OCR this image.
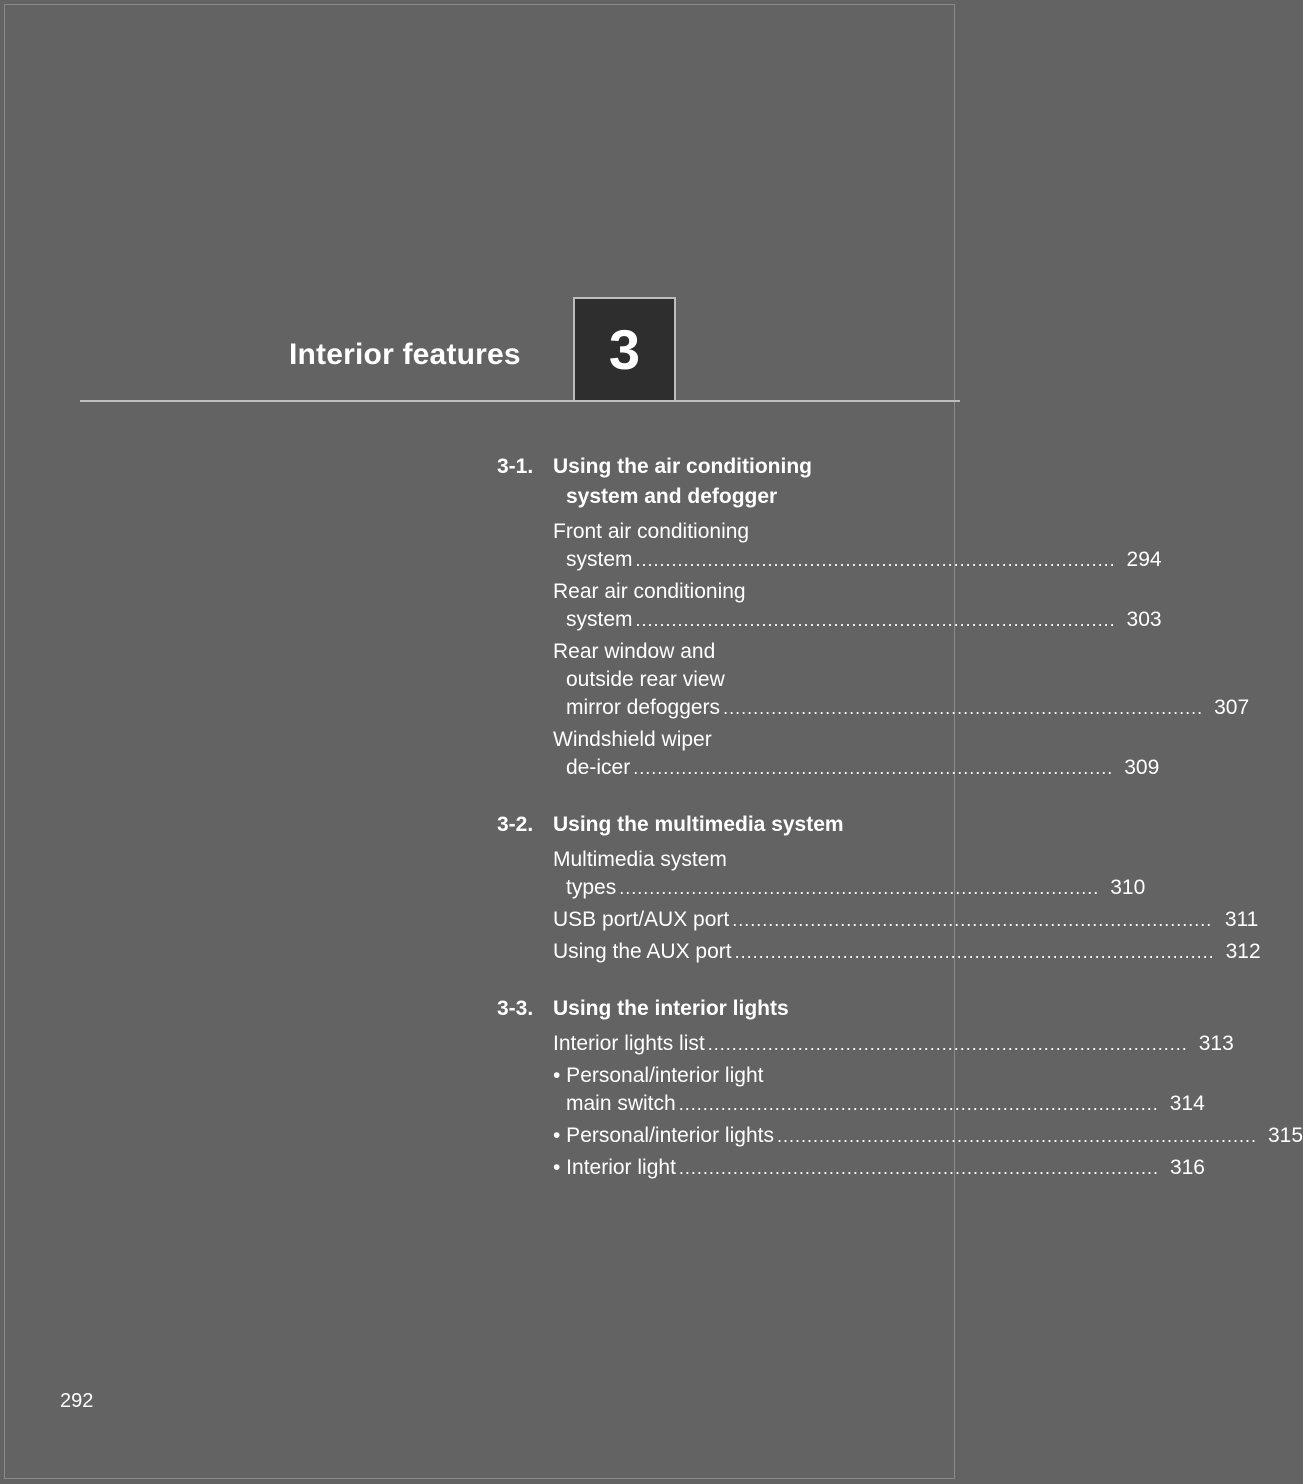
Interior features 3
3-1. Using the air conditioning
system and defogger
Front air conditioning
system ................................................................................ 294
Rear air conditioning
system ................................................................................ 303
Rear window and
outside rear view
mirror defoggers ................................................................................ 307
Windshield wiper
de-icer ................................................................................ 309
3-2. Using the multimedia system
Multimedia system
types ................................................................................ 310
USB port/AUX port ................................................................................ 311
Using the AUX port ................................................................................ 312
3-3. Using the interior lights
Interior lights list ................................................................................ 313
• Personal/interior light
main switch ................................................................................ 314
• Personal/interior lights ................................................................................ 315
• Interior light ................................................................................ 316
292
